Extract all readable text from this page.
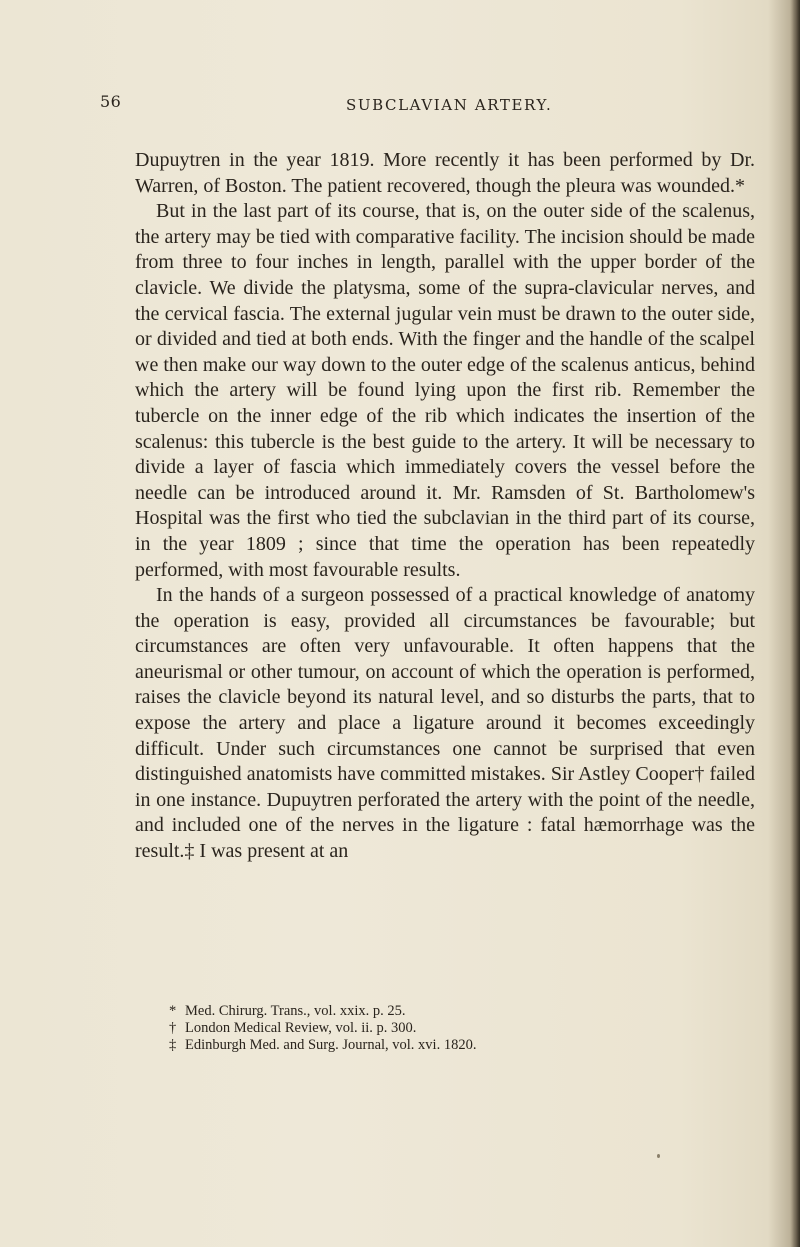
56	SUBCLAVIAN ARTERY.

Dupuytren in the year 1819. More recently it has been performed by Dr. Warren, of Boston. The patient recovered, though the pleura was wounded.*

But in the last part of its course, that is, on the outer side of the scalenus, the artery may be tied with comparative facility. The incision should be made from three to four inches in length, parallel with the upper border of the clavicle. We divide the platysma, some of the supra-clavicular nerves, and the cervical fascia. The external jugular vein must be drawn to the outer side, or divided and tied at both ends. With the finger and the handle of the scalpel we then make our way down to the outer edge of the scalenus anticus, behind which the artery will be found lying upon the first rib. Remember the tubercle on the inner edge of the rib which indicates the insertion of the scalenus: this tubercle is the best guide to the artery. It will be necessary to divide a layer of fascia which immediately covers the vessel before the needle can be introduced around it. Mr. Ramsden of St. Bartholomew's Hospital was the first who tied the subclavian in the third part of its course, in the year 1809 ; since that time the operation has been repeatedly performed, with most favourable results.

In the hands of a surgeon possessed of a practical knowledge of anatomy the operation is easy, provided all circumstances be favourable; but circumstances are often very unfavourable. It often happens that the aneurismal or other tumour, on account of which the operation is performed, raises the clavicle beyond its natural level, and so disturbs the parts, that to expose the artery and place a ligature around it becomes exceedingly difficult. Under such circumstances one cannot be surprised that even distinguished anatomists have committed mistakes. Sir Astley Cooper† failed in one instance. Dupuytren perforated the artery with the point of the needle, and included one of the nerves in the ligature : fatal hæmorrhage was the result.‡ I was present at an

* Med. Chirurg. Trans., vol. xxix. p. 25.
† London Medical Review, vol. ii. p. 300.
‡ Edinburgh Med. and Surg. Journal, vol. xvi. 1820.
